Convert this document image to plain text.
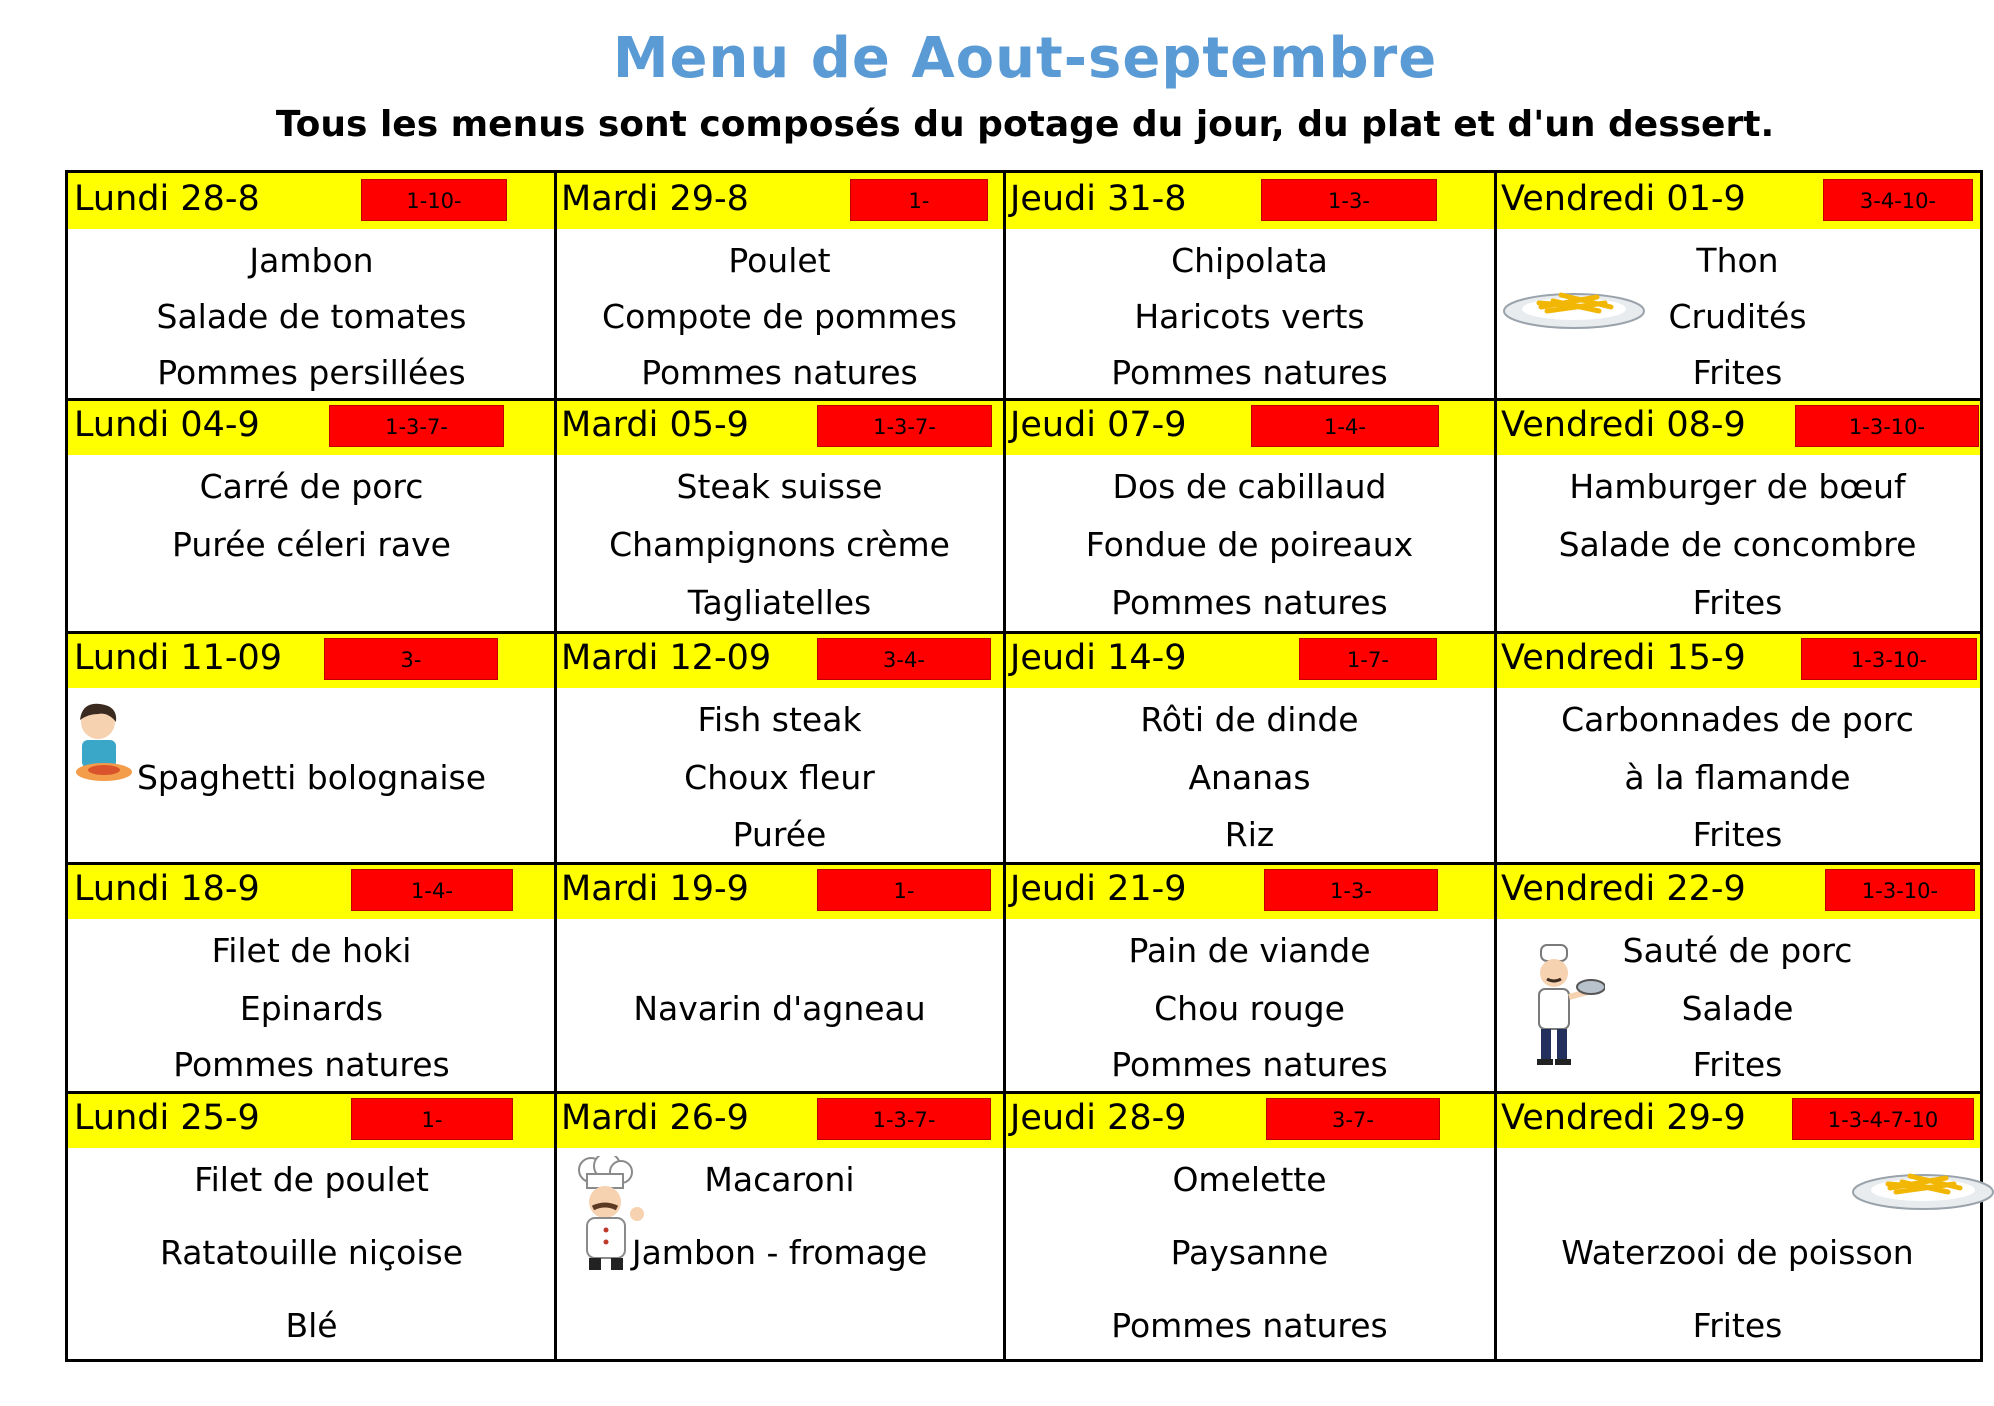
Menu de Aout-septembre
Tous les menus sont composés du potage du jour, du plat et d'un dessert.
Lundi 28-8	1-10-
Jambon
Salade de tomates
Pommes persillées
Mardi 29-8	1-
Poulet
Compote de pommes
Pommes natures
Jeudi 31-8	1-3-
Chipolata
Haricots verts
Pommes natures
Vendredi 01-9	3-4-10-
Thon
Crudités
Frites
Lundi 04-9	1-3-7-
Carré de porc
Purée céleri rave
Mardi 05-9	1-3-7-
Steak suisse
Champignons crème
Tagliatelles
Jeudi 07-9	1-4-
Dos de cabillaud
Fondue de poireaux
Pommes natures
Vendredi 08-9	1-3-10-
Hamburger de bœuf
Salade de concombre
Frites
Lundi 11-09	3-
Spaghetti bolognaise
Mardi 12-09	3-4-
Fish steak
Choux fleur
Purée
Jeudi 14-9	1-7-
Rôti de dinde
Ananas
Riz
Vendredi 15-9	1-3-10-
Carbonnades de porc
à la flamande
Frites
Lundi 18-9	1-4-
Filet de hoki
Epinards
Pommes natures
Mardi 19-9	1-
Navarin d'agneau
Jeudi 21-9	1-3-
Pain de viande
Chou rouge
Pommes natures
Vendredi 22-9	1-3-10-
Sauté de porc
Salade
Frites
Lundi 25-9	1-
Filet de poulet
Ratatouille niçoise
Blé
Mardi 26-9	1-3-7-
Macaroni
Jambon - fromage
Jeudi 28-9	3-7-
Omelette
Paysanne
Pommes natures
Vendredi 29-9	1-3-4-7-10
Waterzooi de poisson
Frites
